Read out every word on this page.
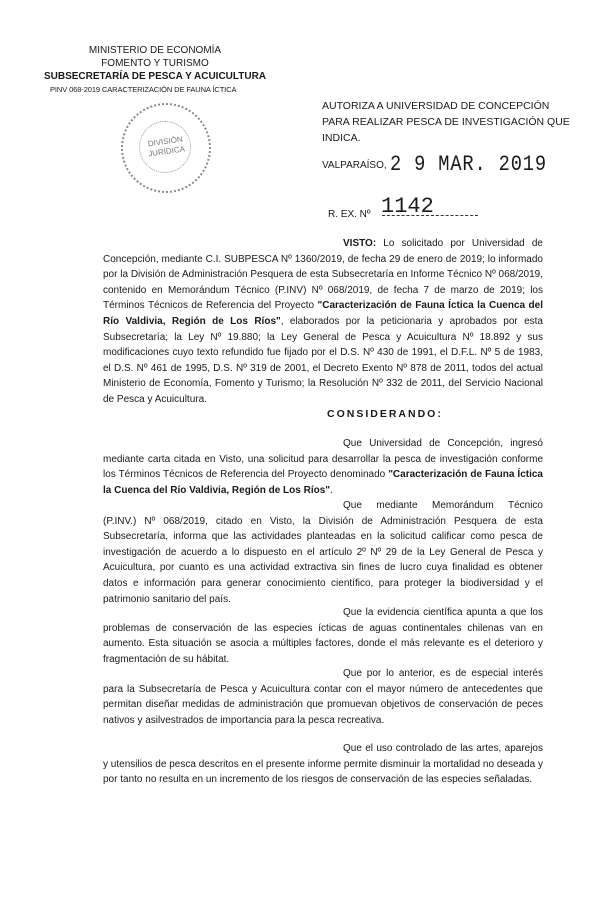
MINISTERIO DE ECONOMÍA
FOMENTO Y TURISMO
SUBSECRETARÍA DE PESCA Y ACUICULTURA
PINV 068-2019 CARACTERIZACIÓN DE FAUNA ÍCTICA
DIVISIÓN
JURÍDICA
AUTORIZA A UNIVERSIDAD DE CONCEPCIÓN PARA REALIZAR PESCA DE INVESTIGACIÓN QUE INDICA.
VALPARAÍSO, 2 9 MAR. 2019
R. EX. Nº 1142
VISTO: Lo solicitado por Universidad de Concepción, mediante C.I. SUBPESCA Nº 1360/2019, de fecha 29 de enero de 2019; lo informado por la División de Administración Pesquera de esta Subsecretaría en Informe Técnico Nº 068/2019, contenido en Memorándum Técnico (P.INV) Nº 068/2019, de fecha 7 de marzo de 2019; los Términos Técnicos de Referencia del Proyecto "Caracterización de Fauna Íctica la Cuenca del Río Valdivia, Región de Los Ríos", elaborados por la peticionaria y aprobados por esta Subsecretaría; la Ley Nº 19.880; la Ley General de Pesca y Acuicultura Nº 18.892 y sus modificaciones cuyo texto refundido fue fijado por el D.S. Nº 430 de 1991, el D.F.L. Nº 5 de 1983, el D.S. Nº 461 de 1995, D.S. Nº 319 de 2001, el Decreto Exento Nº 878 de 2011, todos del actual Ministerio de Economía, Fomento y Turismo; la Resolución Nº 332 de 2011, del Servicio Nacional de Pesca y Acuicultura.
CONSIDERANDO:
Que Universidad de Concepción, ingresó mediante carta citada en Visto, una solicitud para desarrollar la pesca de investigación conforme los Términos Técnicos de Referencia del Proyecto denominado "Caracterización de Fauna Íctica la Cuenca del Río Valdivia, Región de Los Ríos".
Que mediante Memorándum Técnico (P.INV.) Nº 068/2019, citado en Visto, la División de Administración Pesquera de esta Subsecretaría, informa que las actividades planteadas en la solicitud calificar como pesca de investigación de acuerdo a lo dispuesto en el artículo 2º Nº 29 de la Ley General de Pesca y Acuicultura, por cuanto es una actividad extractiva sin fines de lucro cuya finalidad es obtener datos e información para generar conocimiento científico, para proteger la biodiversidad y el patrimonio sanitario del país.
Que la evidencia científica apunta a que los problemas de conservación de las especies ícticas de aguas continentales chilenas van en aumento. Esta situación se asocia a múltiples factores, donde el más relevante es el deterioro y fragmentación de su hábitat.
Que por lo anterior, es de especial interés para la Subsecretaría de Pesca y Acuicultura contar con el mayor número de antecedentes que permitan diseñar medidas de administración que promuevan objetivos de conservación de peces nativos y asilvestrados de importancia para la pesca recreativa.
Que el uso controlado de las artes, aparejos y utensilios de pesca descritos en el presente informe permite disminuir la mortalidad no deseada y por tanto no resulta en un incremento de los riesgos de conservación de las especies señaladas.
